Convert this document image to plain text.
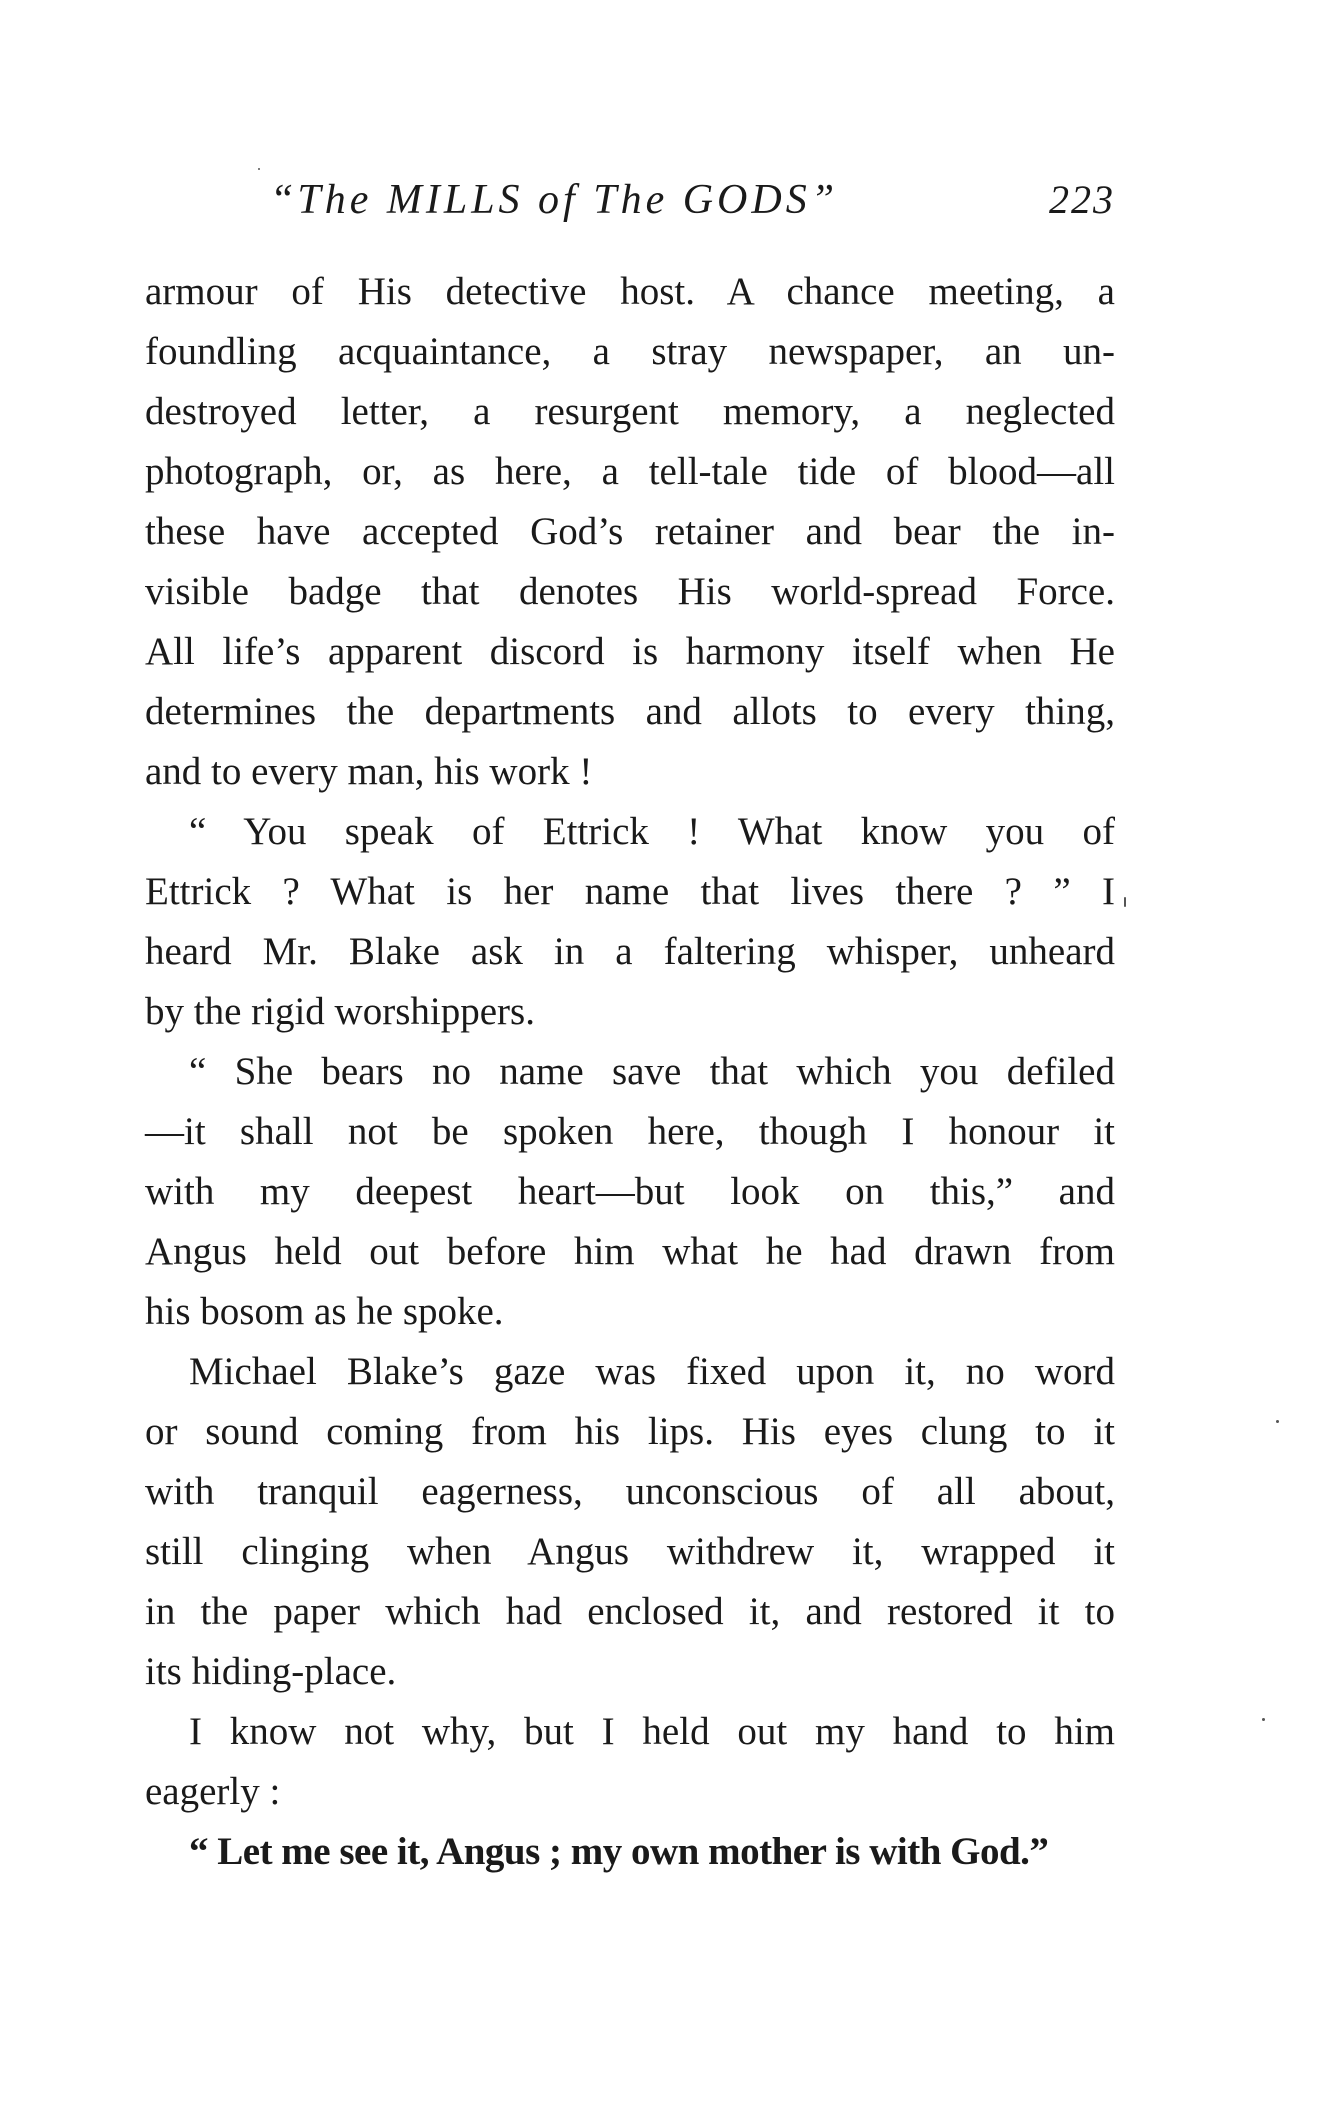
“The MILLS of The GODS”	223
armour of His detective host. A chance meeting, a
foundling acquaintance, a stray newspaper, an un-
destroyed letter, a resurgent memory, a neglected
photograph, or, as here, a tell-tale tide of blood—all
these have accepted God’s retainer and bear the in-
visible badge that denotes His world-spread Force.
All life’s apparent discord is harmony itself when He
determines the departments and allots to every thing,
and to every man, his work !
“ You speak of Ettrick ! What know you of
Ettrick ? What is her name that lives there ? ” I
heard Mr. Blake ask in a faltering whisper, unheard
by the rigid worshippers.
“ She bears no name save that which you defiled
—it shall not be spoken here, though I honour it
with my deepest heart—but look on this,” and
Angus held out before him what he had drawn from
his bosom as he spoke.
Michael Blake’s gaze was fixed upon it, no word
or sound coming from his lips. His eyes clung to it
with tranquil eagerness, unconscious of all about,
still clinging when Angus withdrew it, wrapped it
in the paper which had enclosed it, and restored it to
its hiding-place.
I know not why, but I held out my hand to him
eagerly :
“ Let me see it, Angus ; my own mother is with God.”
